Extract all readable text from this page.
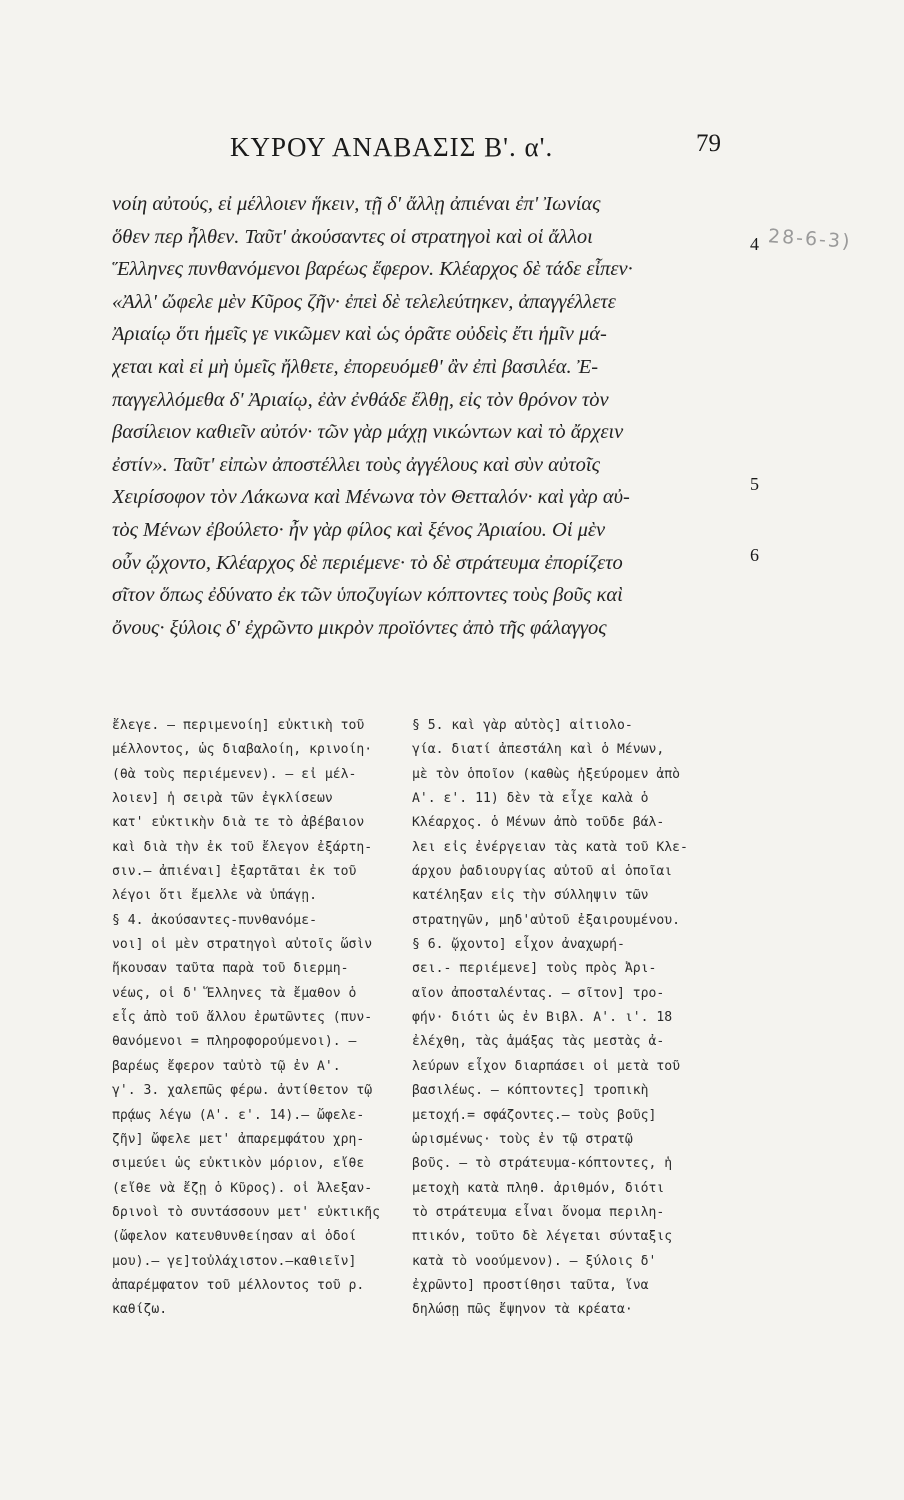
ΚΥΡΟΥ ΑΝΑΒΑΣΙΣ Β'. α'.	79
28-6-3)
4
5
6
νοίη αὐτούς, εἰ μέλλοιεν ἥκειν, τῇ δ' ἄλλῃ ἀπιέναι ἐπ' Ἰωνίας
ὅθεν περ ἦλθεν. Ταῦτ' ἀκούσαντες οἱ στρατηγοὶ καὶ οἱ ἄλλοι
Ἕλληνες πυνθανόμενοι βαρέως ἔφερον. Κλέαρχος δὲ τάδε εἶπεν·
«Ἀλλ' ὤφελε μὲν Κῦρος ζῆν· ἐπεὶ δὲ τελελεύτηκεν, ἀπαγγέλλετε
Ἀριαίῳ ὅτι ἡμεῖς γε νικῶμεν καὶ ὡς ὁρᾶτε οὐδεὶς ἔτι ἡμῖν μά-
χεται καὶ εἰ μὴ ὑμεῖς ἤλθετε, ἐπορευόμεθ' ἂν ἐπὶ βασιλέα. Ἐ-
παγγελλόμεθα δ' Ἀριαίῳ, ἐὰν ἐνθάδε ἔλθῃ, εἰς τὸν θρόνον τὸν
βασίλειον καθιεῖν αὐτόν· τῶν γὰρ μάχῃ νικώντων καὶ τὸ ἄρχειν
ἐστίν». Ταῦτ' εἰπὼν ἀποστέλλει τοὺς ἀγγέλους καὶ σὺν αὐτοῖς
Χειρίσοφον τὸν Λάκωνα καὶ Μένωνα τὸν Θετταλόν· καὶ γὰρ αὐ-
τὸς Μένων ἐβούλετο· ἦν γὰρ φίλος καὶ ξένος Ἀριαίου. Οἱ μὲν
οὖν ᾤχοντο, Κλέαρχος δὲ περιέμενε· τὸ δὲ στράτευμα ἐπορίζετο
σῖτον ὅπως ἐδύνατο ἐκ τῶν ὑποζυγίων κόπτοντες τοὺς βοῦς καὶ
ὄνους· ξύλοις δ' ἐχρῶντο μικρὸν προϊόντες ἀπὸ τῆς φάλαγγος
ἔλεγε. — περιμενοίη] εὐκτικὴ τοῦ
μέλλοντος, ὡς διαβαλοίη, κρινοίη·
(θὰ τοὺς περιέμενεν). — εἰ μέλ-
λοιεν] ἡ σειρὰ τῶν ἐγκλίσεων
κατ' εὐκτικὴν διὰ τε τὸ ἀβέβαιον
καὶ διὰ τὴν ἐκ τοῦ ἔλεγον ἐξάρτη-
σιν.— ἀπιέναι] ἐξαρτᾶται ἐκ τοῦ
λέγοι ὅτι ἔμελλε νὰ ὑπάγῃ.
§ 4. ἀκούσαντες-πυνθανόμε-
νοι] οἱ μὲν στρατηγοὶ αὐτοῖς ὥσὶν
ἤκουσαν ταῦτα παρὰ τοῦ διερμη-
νέως, οἱ δ' Ἕλληνες τὰ ἔμαθον ὁ
εἷς ἀπὸ τοῦ ἄλλου ἐρωτῶντες (πυν-
θανόμενοι = πληροφορούμενοι). —
βαρέως ἔφερον ταὐτὸ τῷ ἐν Α'.
γ'. 3. χαλεπῶς φέρω. ἀντίθετον τῷ
πρᾴως λέγω (Α'. ε'. 14).— ὤφελε-
ζῆν] ὤφελε μετ' ἀπαρεμφάτου χρη-
σιμεύει ὡς εὐκτικὸν μόριον, εἴθε
(εἴθε νὰ ἔζῃ ὁ Κῦρος). οἱ Ἀλεξαν-
δρινοὶ τὸ συντάσσουν μετ' εὐκτικῆς
(ὤφελον κατευθυνθείησαν αἱ ὁδοί
μου).— γε]τοὐλάχιστον.—καθιεῖν]
ἀπαρέμφατον τοῦ μέλλοντος τοῦ ρ.
καθίζω.
§ 5. καὶ γὰρ αὐτὸς] αἰτιολο-
γία. διατί ἀπεστάλη καὶ ὁ Μένων,
μὲ τὸν ὁποῖον (καθὼς ἠξεύρομεν ἀπὸ
Α'. ε'. 11) δὲν τὰ εἶχε καλὰ ὁ
Κλέαρχος. ὁ Μένων ἀπὸ τοῦδε βάλ-
λει εἰς ἐνέργειαν τὰς κατὰ τοῦ Κλε-
άρχου ῥαδιουργίας αὐτοῦ αἱ ὁποῖαι
κατέληξαν εἰς τὴν σύλληψιν τῶν
στρατηγῶν, μηδ'αὐτοῦ ἐξαιρουμένου.
§ 6. ᾤχοντο] εἶχον ἀναχωρή-
σει.- περιέμενε] τοὺς πρὸς Ἀρι-
αῖον ἀποσταλέντας. — σῖτον] τρο-
φήν· διότι ὡς ἐν Βιβλ. Α'. ι'. 18
ἐλέχθη, τὰς ἁμάξας τὰς μεστὰς ἀ-
λεύρων εἶχον διαρπάσει οἱ μετὰ τοῦ
βασιλέως. — κόπτοντες] τροπικὴ
μετοχή.= σφάζοντες.— τοὺς βοῦς]
ὡρισμένως· τοὺς ἐν τῷ στρατῷ
βοῦς. — τὸ στράτευμα-κόπτοντες, ἡ
μετοχὴ κατὰ πληθ. ἀριθμόν, διότι
τὸ στράτευμα εἶναι ὄνομα περιλη-
πτικόν, τοῦτο δὲ λέγεται σύνταξις
κατὰ τὸ νοούμενον). — ξύλοις δ'
ἐχρῶντο] προστίθησι ταῦτα, ἵνα
δηλώσῃ πῶς ἔψηνον τὰ κρέατα·
